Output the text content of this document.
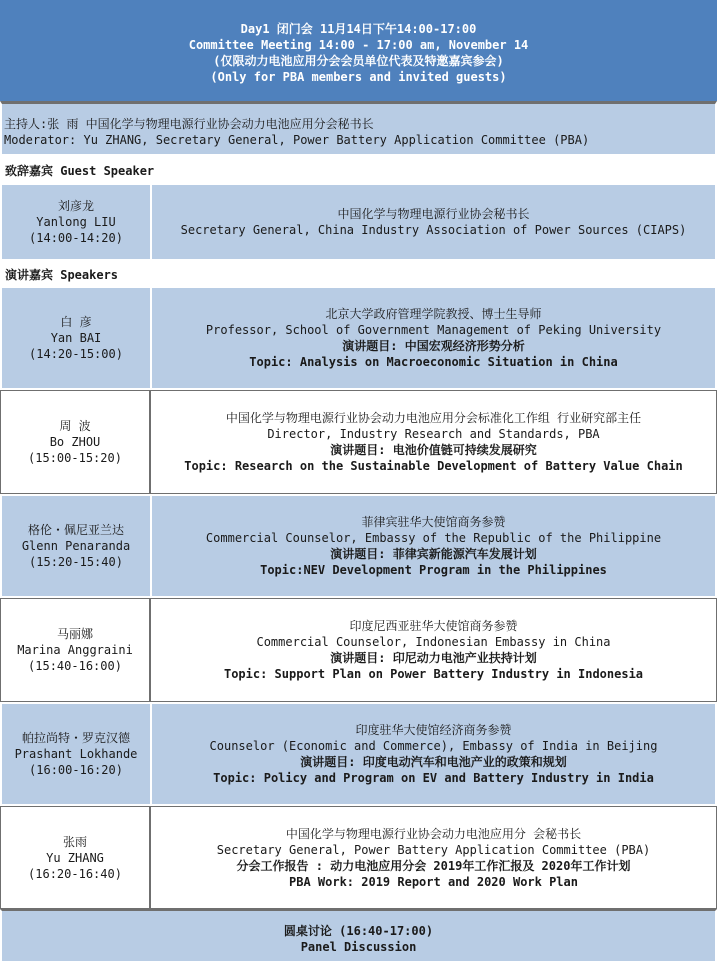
Day1 闭门会 11月14日下午14:00-17:00
Committee Meeting 14:00 - 17:00 am, November 14
(仅限动力电池应用分会会员单位代表及特邀嘉宾参会)
(Only for PBA members and invited guests)
主持人:张 雨 中国化学与物理电源行业协会动力电池应用分会秘书长
Moderator: Yu ZHANG, Secretary General, Power Battery Application Committee (PBA)
致辞嘉宾 Guest Speaker
刘彦龙
Yanlong LIU
(14:00-14:20)
中国化学与物理电源行业协会秘书长
Secretary General, China Industry Association of Power Sources (CIAPS)
演讲嘉宾 Speakers
白 彦
Yan BAI
(14:20-15:00)
北京大学政府管理学院教授、博士生导师
Professor, School of Government Management of Peking University
演讲题目: 中国宏观经济形势分析
Topic: Analysis on Macroeconomic Situation in China
周 波
Bo ZHOU
(15:00-15:20)
中国化学与物理电源行业协会动力电池应用分会标准化工作组 行业研究部主任
Director, Industry Research and Standards, PBA
演讲题目: 电池价值链可持续发展研究
Topic: Research on the Sustainable Development of Battery Value Chain
格伦・佩尼亚兰达
Glenn Penaranda
(15:20-15:40)
菲律宾驻华大使馆商务参赞
Commercial Counselor, Embassy of the Republic of the Philippine
演讲题目: 菲律宾新能源汽车发展计划
Topic:NEV Development Program in the Philippines
马丽娜
Marina Anggraini
(15:40-16:00)
印度尼西亚驻华大使馆商务参赞
Commercial Counselor, Indonesian Embassy in China
演讲题目: 印尼动力电池产业扶持计划
Topic: Support Plan on Power Battery Industry in Indonesia
帕拉尚特・罗克汉德
Prashant Lokhande
(16:00-16:20)
印度驻华大使馆经济商务参赞
Counselor (Economic and Commerce), Embassy of India in Beijing
演讲题目: 印度电动汽车和电池产业的政策和规划
Topic: Policy and Program on EV and Battery Industry in India
张雨
Yu ZHANG
(16:20-16:40)
中国化学与物理电源行业协会动力电池应用分 会秘书长
Secretary General, Power Battery Application Committee (PBA)
分会工作报告 : 动力电池应用分会 2019年工作汇报及 2020年工作计划
PBA Work: 2019 Report and 2020 Work Plan
圆桌讨论 (16:40-17:00)
Panel Discussion
